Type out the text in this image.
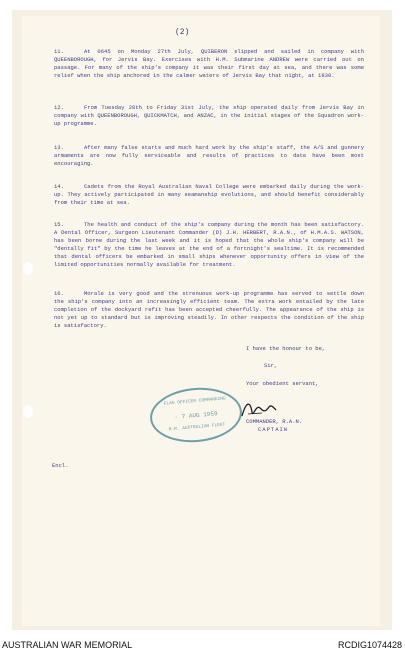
(2)

11.	At 0645 on Monday 27th July, QUIBERON slipped and sailed in company with QUEENBOROUGH, for Jervis Bay. Exercises with H.M. Submarine ANDREW were carried out on passage. For many of the ship's company it was their first day at sea, and there was some relief when the ship anchored in the calmer waters of Jervis Bay that night, at 1830.

12.	From Tuesday 28th to Friday 31st July, the ship operated daily from Jervis Bay in company with QUEENBOROUGH, QUICKMATCH, and ANZAC, in the initial stages of the Squadron work-up programme.

13.	After many false starts and much hard work by the ship's staff, the A/S and gunnery armaments are now fully serviceable and results of practices to date have been most encouraging.

14.	Cadets from the Royal Australian Naval College were embarked daily during the work-up. They actively participated in many seamanship evolutions, and should benefit considerably from their time at sea.

15.	The health and conduct of the ship's company during the month has been satisfactory. A Dental Officer, Surgeon Lieutenant Commander (D) J.H. HERBERT, R.A.N., of H.M.A.S. WATSON, has been borne during the last week and it is hoped that the whole ship's company will be "dentally fit" by the time he leaves at the end of a fortnight's sealtime. It is recommended that dental officers be embarked in small ships whenever opportunity offers in view of the limited opportunities normally available for treatment.

16.	Morale is very good and the strenuous work-up programme has served to settle down the ship's company into an increasingly efficient team. The extra work entailed by the late completion of the dockyard refit has been accepted cheerfully. The appearance of the ship is not yet up to standard but is improving steadily. In other respects the condition of the ship is satisfactory.

I have the honour to be,
Sir,
Your obedient servant,
FLAG OFFICER COMMANDING
- 7 AUG 1959
H.M. AUSTRALIAN FLEET
COMMANDER, R.A.N.
CAPTAIN
Encl.
AUSTRALIAN WAR MEMORIAL	RCDIG1074428
